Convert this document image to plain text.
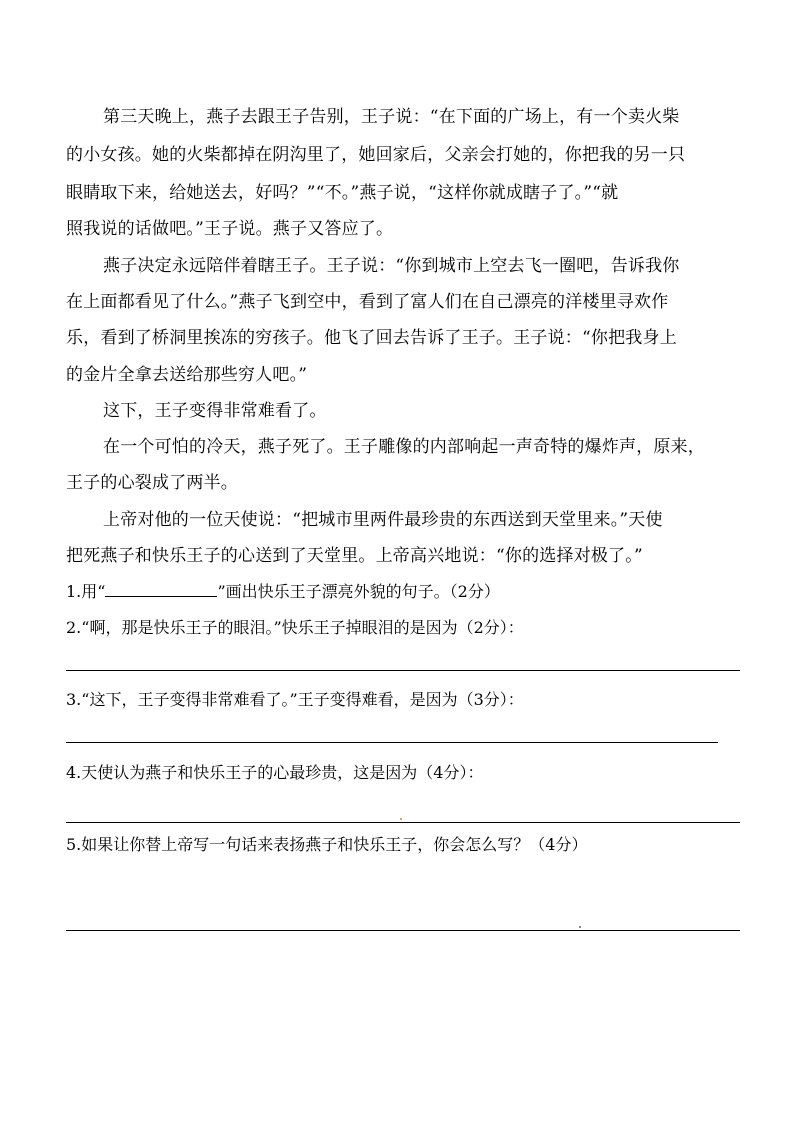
第三天晚上，燕子去跟王子告别，王子说：“在下面的广场上，有一个卖火柴
的小女孩。她的火柴都掉在阴沟里了，她回家后，父亲会打她的，你把我的另一只
眼睛取下来，给她送去，好吗？”“不。”燕子说，“这样你就成瞎子了。”“就
照我说的话做吧。”王子说。燕子又答应了。
燕子决定永远陪伴着瞎王子。王子说：“你到城市上空去飞一圈吧，告诉我你
在上面都看见了什么。”燕子飞到空中，看到了富人们在自己漂亮的洋楼里寻欢作
乐，看到了桥洞里挨冻的穷孩子。他飞了回去告诉了王子。王子说：“你把我身上
的金片全拿去送给那些穷人吧。”
这下，王子变得非常难看了。
在一个可怕的冷天，燕子死了。王子雕像的内部响起一声奇特的爆炸声，原来，
王子的心裂成了两半。
上帝对他的一位天使说：“把城市里两件最珍贵的东西送到天堂里来。”天使
把死燕子和快乐王子的心送到了天堂里。上帝高兴地说：“你的选择对极了。”
1.用“	”画出快乐王子漂亮外貌的句子。（2分）
2.“啊，那是快乐王子的眼泪。”快乐王子掉眼泪的是因为（2分）：
3.“这下，王子变得非常难看了。”王子变得难看，是因为（3分）：
4.天使认为燕子和快乐王子的心最珍贵，这是因为（4分）：
5.如果让你替上帝写一句话来表扬燕子和快乐王子，你会怎么写？（4分）
